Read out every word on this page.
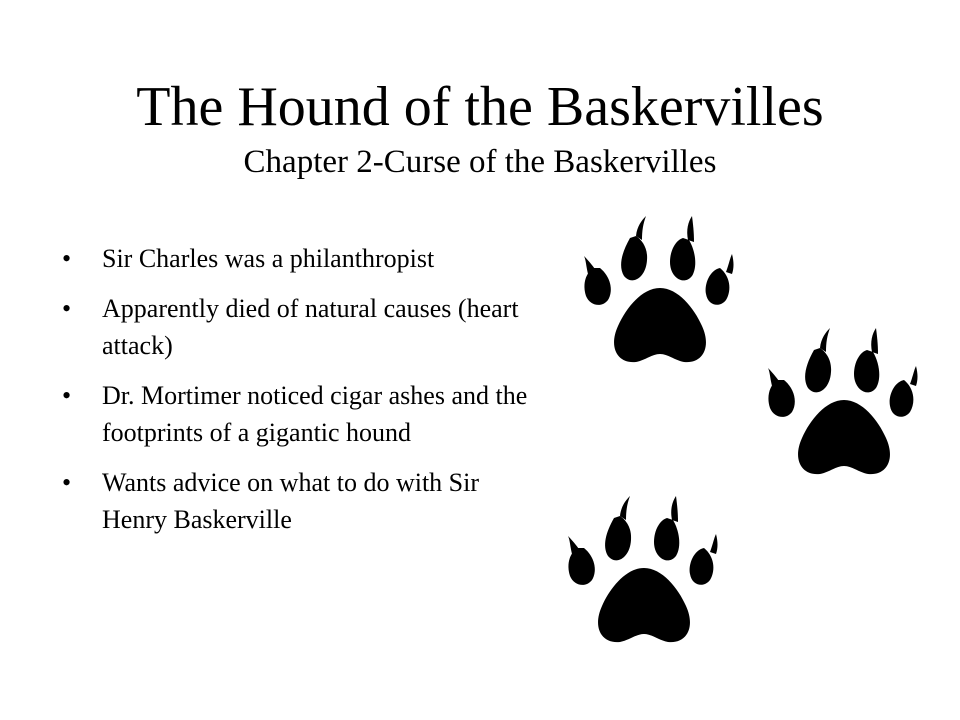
The Hound of the Baskervilles
Chapter 2-Curse of the Baskervilles
•	Sir Charles was a philanthropist
•	Apparently died of natural causes (heart attack)
•	Dr. Mortimer noticed cigar ashes and the footprints of a gigantic hound
•	Wants advice on what to do with Sir Henry Baskerville
